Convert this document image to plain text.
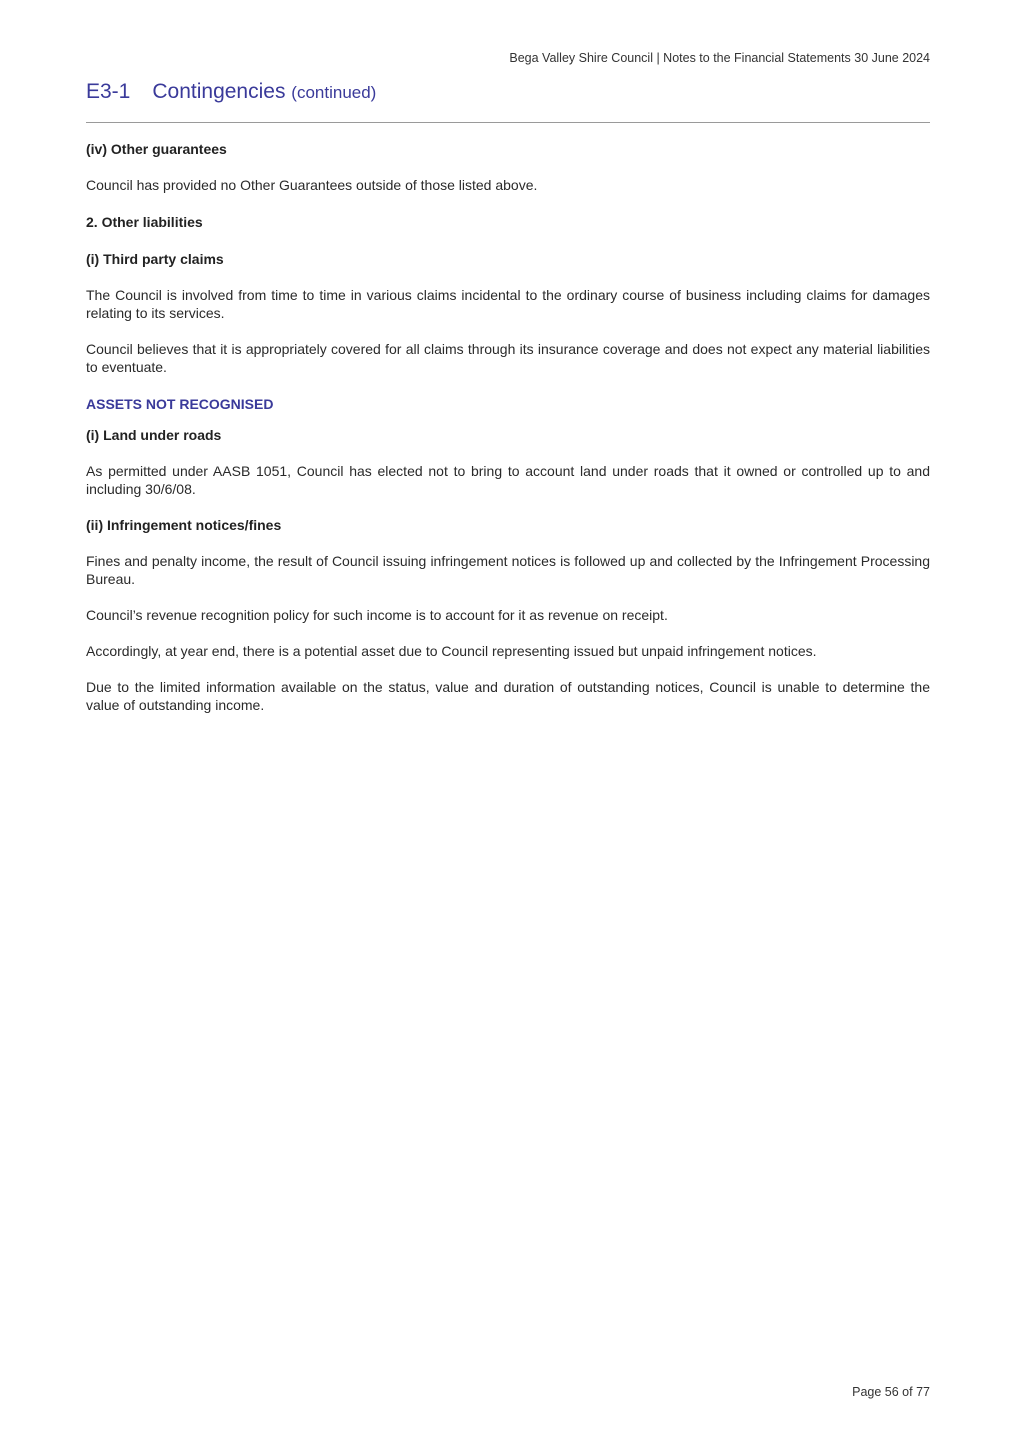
Bega Valley Shire Council | Notes to the Financial Statements 30 June 2024
E3-1 Contingencies (continued)

(iv) Other guarantees

Council has provided no Other Guarantees outside of those listed above.

2. Other liabilities

(i) Third party claims

The Council is involved from time to time in various claims incidental to the ordinary course of business including claims for damages relating to its services.

Council believes that it is appropriately covered for all claims through its insurance coverage and does not expect any material liabilities to eventuate.

ASSETS NOT RECOGNISED

(i) Land under roads

As permitted under AASB 1051, Council has elected not to bring to account land under roads that it owned or controlled up to and including 30/6/08.

(ii) Infringement notices/fines

Fines and penalty income, the result of Council issuing infringement notices is followed up and collected by the Infringement Processing Bureau.

Council’s revenue recognition policy for such income is to account for it as revenue on receipt.

Accordingly, at year end, there is a potential asset due to Council representing issued but unpaid infringement notices.

Due to the limited information available on the status, value and duration of outstanding notices, Council is unable to determine the value of outstanding income.

Page 56 of 77
